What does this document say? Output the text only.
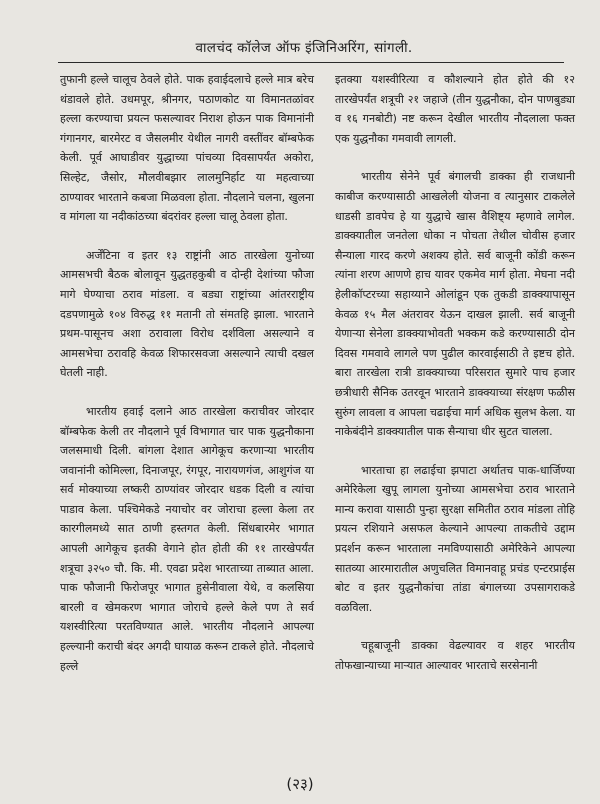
वालचंद कॉलेज ऑफ इंजिनिअरिंग, सांगली.

तुफानी हल्ले चालूच ठेवले होते. पाक हवाईदलाचे हल्ले मात्र बरेच थंडावले होते. उधमपूर, श्रीनगर, पठाणकोट या विमानतळांवर हल्ला करण्याचा प्रयत्न फसल्यावर निराश होऊन पाक विमानांनी गंगानगर, बारमेरट व जैसलमीर येथील नागरी वस्तींवर बॉम्बफेक केली. पूर्व आघाडीवर युद्धाच्या पांचव्या दिवसापर्यंत अकोरा, सिल्हेट, जैसोर, मौलवीबझार लालमुनिर्हाट या महत्वाच्या ठाण्यावर भारताने कबजा मिळवला होता. नौदलाने चलना, खुलना व मांगला या नदीकांठच्या बंदरांवर हल्ला चालू ठेवला होता.

अर्जेंटिना व इतर १३ राष्ट्रांनी आठ तारखेला युनोच्या आमसभची बैठक बोलावून युद्धतहकुबी व दोन्ही देशांच्या फौजा मागे घेण्याचा ठराव मांडला. व बड्या राष्ट्रांच्या आंतरराष्ट्रीय दडपणामुळे १०४ विरुद्ध ११ मतानी तो संमतहि झाला. भारताने प्रथम-पासूनच अशा ठरावाला विरोध दर्शविला असल्याने व आमसभेचा ठरावहि केवळ शिफारसवजा असल्याने त्याची दखल घेतली नाही.

भारतीय हवाई दलाने आठ तारखेला कराचीवर जोरदार बॉम्बफेक केली तर नौदलाने पूर्व विभागात चार पाक युद्धनौकाना जलसमाधी दिली. बांगला देशात आगेकूच करणाऱ्या भारतीय जवानांनी कोमिल्ला, दिनाजपूर, रंगपूर, नारायणगंज, आशुगंज या सर्व मोक्याच्या लष्करी ठाण्यांवर जोरदार धडक दिली व त्यांचा पाडाव केला. पश्चिमेकडे नयाचोर वर जोराचा हल्ला केला तर कारगीलमध्ये सात ठाणी हस्तगत केली. सिंधबारमेर भागात आपली आगेकूच इतकी वेगाने होत होती की ११ तारखेपर्यंत शत्रूचा ३२५० चौ. कि. मी. एवढा प्रदेश भारताच्या ताब्यात आला. पाक फौजानी फिरोजपूर भागात हुसेनीवाला येथे, व कलसिया बारली व खेमकरण भागात जोराचे हल्ले केले पण ते सर्व यशस्वीरित्या परतविण्यात आले. भारतीय नौदलाने आपल्या हल्ल्यानी कराची बंदर अगदी घायाळ करून टाकले होते. नौदलाचे हल्ले

इतक्या यशस्वीरित्या व कौशल्याने होत होते की १२ तारखेपर्यंत शत्रूची २१ जहाजे (तीन युद्धनौका, दोन पाणबुड्या व १६ गनबोटी) नष्ट करून देखील भारतीय नौदलाला फक्त एक युद्धनौका गमवावी लागली.

भारतीय सेनेने पूर्व बंगालची डाक्का ही राजधानी काबीज करण्यासाठी आखलेली योजना व त्यानुसार टाकलेले धाडसी डावपेच हे या युद्धाचे खास वैशिष्ट्य म्हणावे लागेल. डाक्क्यातील जनतेला धोका न पोचता तेथील चोवीस हजार सैन्याला गारद करणे अशक्य होते. सर्व बाजूनी कोंडी करून त्यांना शरण आणणे हाच यावर एकमेव मार्ग होता. मेघना नदी हेलीकॉप्टरच्या सहाय्याने ओलांडून एक तुकडी डाक्क्यापासून केवळ १५ मैल अंतरावर येऊन दाखल झाली. सर्व बाजूनी येणाऱ्या सेनेला डाक्क्याभोवती भक्कम कडे करण्यासाठी दोन दिवस गमवावे लागले पण पुढील कारवाईसाठी ते इष्टच होते. बारा तारखेला रात्री डाक्क्याच्या परिसरात सुमारे पाच हजार छत्रीधारी सैनिक उतरवून भारताने डाक्क्याच्या संरक्षण फळीस सुरुंग लावला व आपला चढाईचा मार्ग अधिक सुलभ केला. या नाकेबंदीने डाक्क्यातील पाक सैन्याचा धीर सुटत चालला.

भारताचा हा लढाईचा झपाटा अर्थातच पाक-धार्जिण्या अमेरिकेला खुपू लागला युनोच्या आमसभेचा ठराव भारताने मान्य करावा यासाठी पुन्हा सुरक्षा समितीत ठराव मांडला तोहि प्रयत्न रशियाने असफल केल्याने आपल्या ताकतीचे उद्दाम प्रदर्शन करून भारताला नमविण्यासाठी अमेरिकेने आपल्या सातव्या आरमारातील अणुचलित विमानवाहू प्रचंड एन्टरप्राईस बोट व इतर युद्धनौकांचा तांडा बंगालच्या उपसागराकडे वळविला.

चहूबाजूनी डाक्का वेढल्यावर व शहर भारतीय तोफखान्याच्या माऱ्यात आल्यावर भारताचे सरसेनानी

(२३)
